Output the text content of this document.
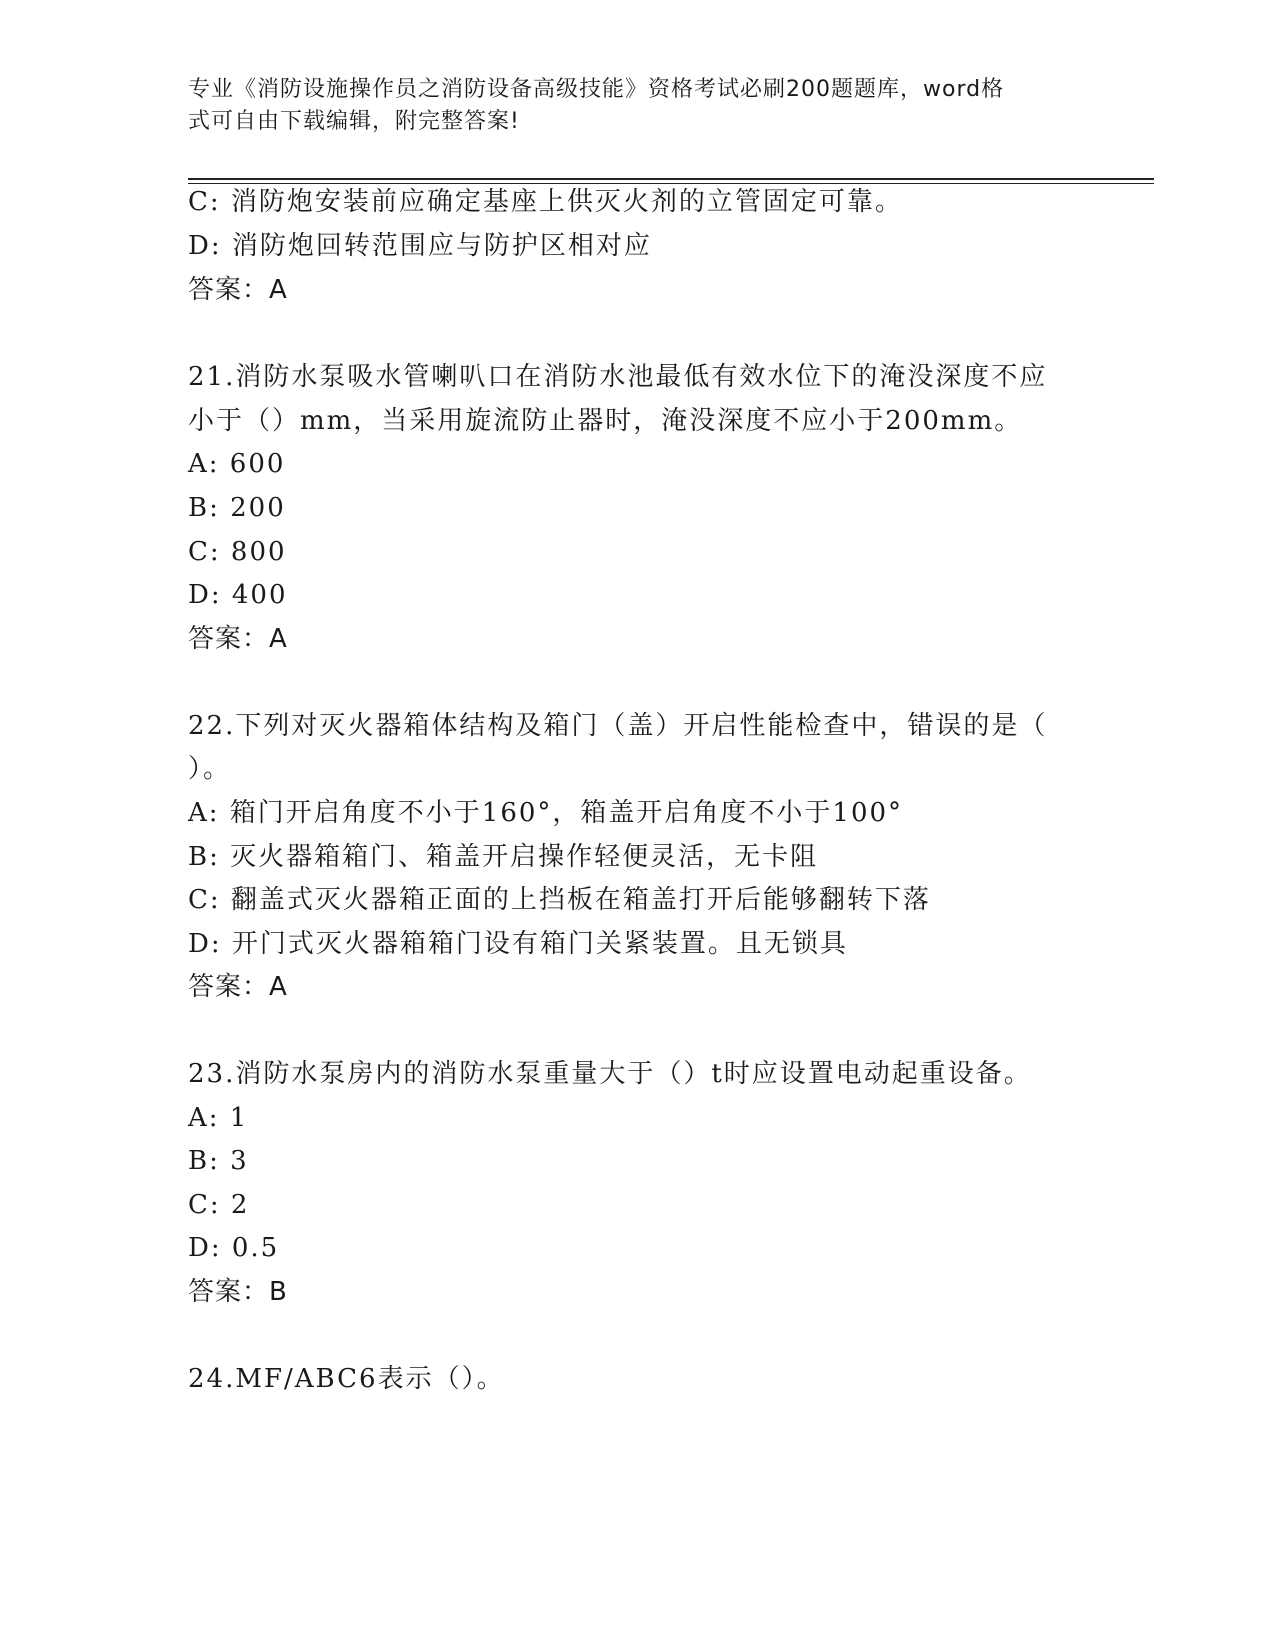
专业《消防设施操作员之消防设备高级技能》资格考试必刷200题题库，word格
式可自由下载编辑，附完整答案!
C: 消防炮安装前应确定基座上供灭火剂的立管固定可靠。
D: 消防炮回转范围应与防护区相对应
答案：A
21.消防水泵吸水管喇叭口在消防水池最低有效水位下的淹没深度不应
小于（）mm，当采用旋流防止器时，淹没深度不应小于200mm。
A: 600
B: 200
C: 800
D: 400
答案：A
22.下列对灭火器箱体结构及箱门（盖）开启性能检查中，错误的是（
）。
A: 箱门开启角度不小于160°，箱盖开启角度不小于100°
B: 灭火器箱箱门、箱盖开启操作轻便灵活，无卡阻
C: 翻盖式灭火器箱正面的上挡板在箱盖打开后能够翻转下落
D: 开门式灭火器箱箱门设有箱门关紧装置。且无锁具
答案：A
23.消防水泵房内的消防水泵重量大于（）t时应设置电动起重设备。
A: 1
B: 3
C: 2
D: 0.5
答案：B
24.MF/ABC6表示（）。
